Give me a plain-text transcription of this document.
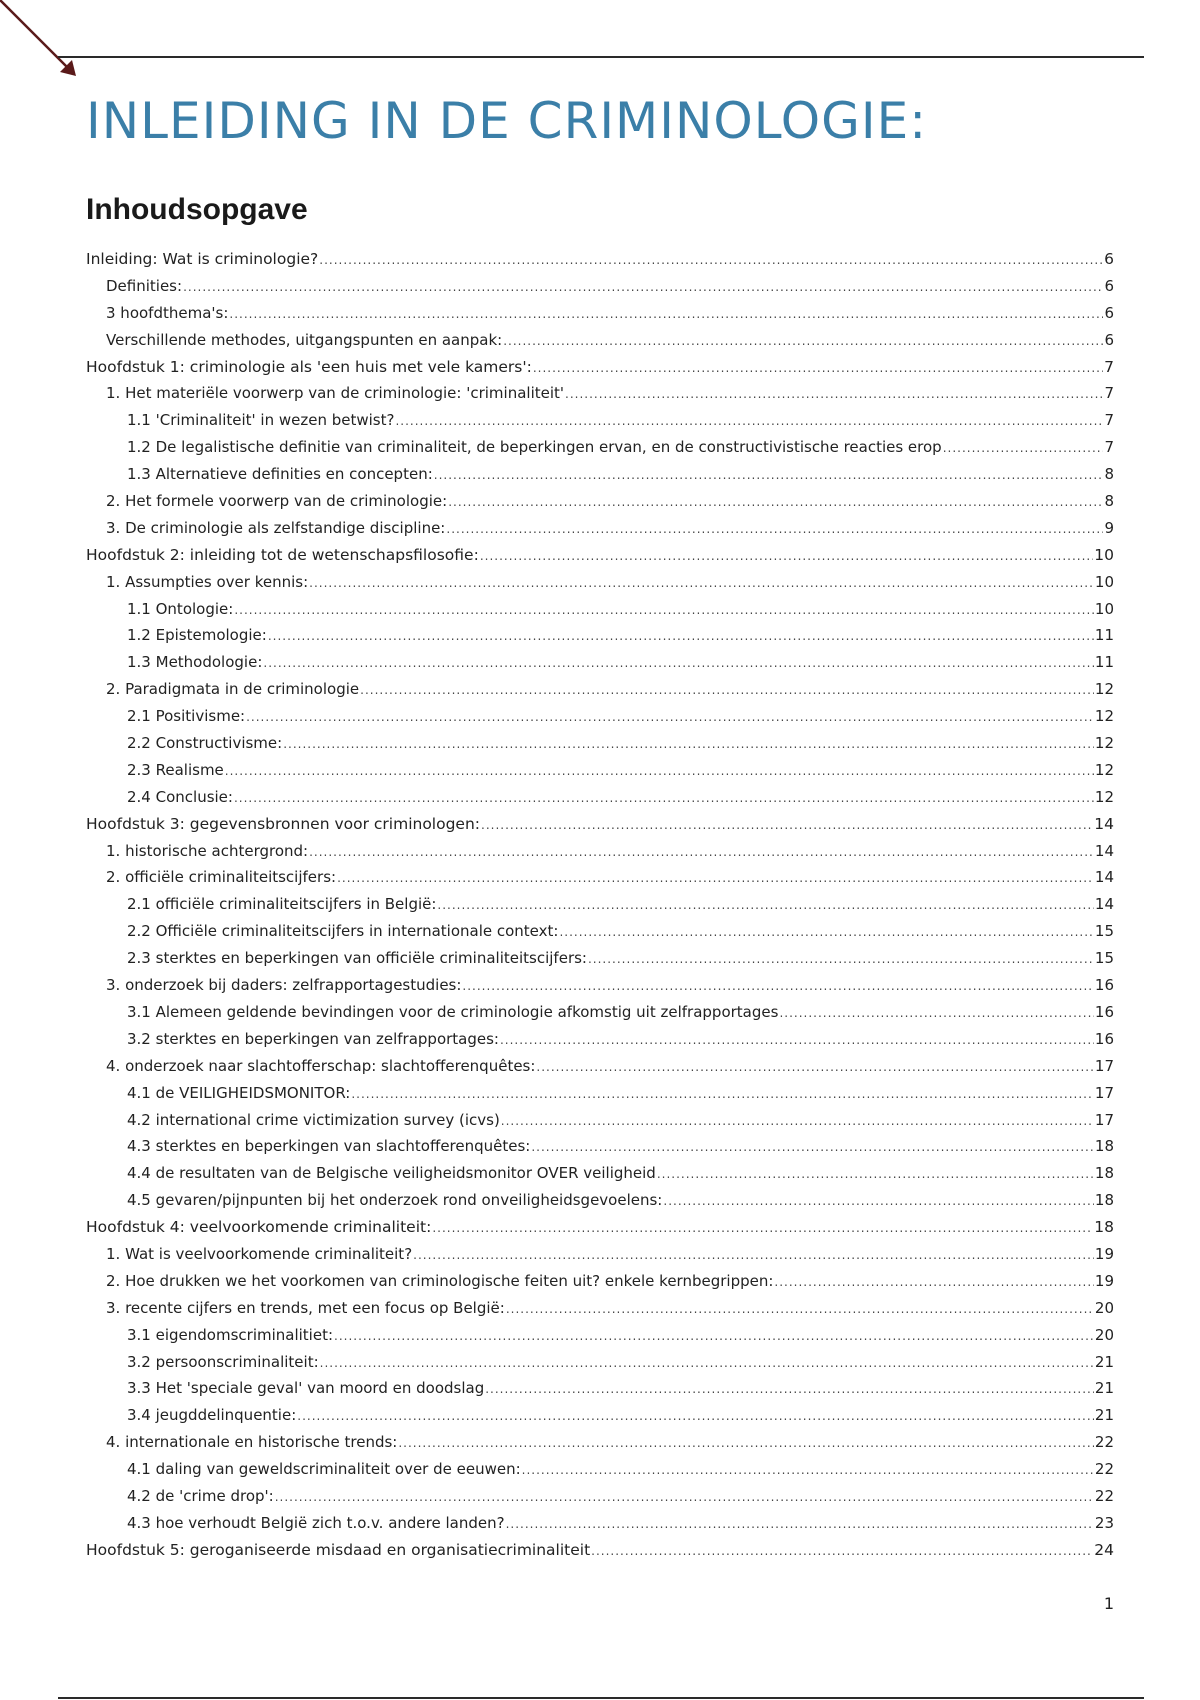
INLEIDING IN DE CRIMINOLOGIE:
Inhoudsopgave
Inleiding: Wat is criminologie? .....	6
Definities: .....	6
3 hoofdthema's: .....	6
Verschillende methodes, uitgangspunten en aanpak: .....	6
Hoofdstuk 1: criminologie als 'een huis met vele kamers': .....	7
1. Het materiële voorwerp van de criminologie: 'criminaliteit' .....	7
1.1 'Criminaliteit' in wezen betwist? .....	7
1.2 De legalistische definitie van criminaliteit, de beperkingen ervan, en de constructivistische reacties erop .....	7
1.3 Alternatieve definities en concepten: .....	8
2. Het formele voorwerp van de criminologie: .....	8
3. De criminologie als zelfstandige discipline: .....	9
Hoofdstuk 2: inleiding tot de wetenschapsfilosofie: .....	10
1. Assumpties over kennis: .....	10
1.1 Ontologie: .....	10
1.2 Epistemologie: .....	11
1.3 Methodologie: .....	11
2. Paradigmata in de criminologie .....	12
2.1 Positivisme: .....	12
2.2 Constructivisme: .....	12
2.3 Realisme .....	12
2.4 Conclusie: .....	12
Hoofdstuk 3: gegevensbronnen voor criminologen: .....	14
1. historische achtergrond: .....	14
2. officiële criminaliteitscijfers: .....	14
2.1 officiële criminaliteitscijfers in België: .....	14
2.2 Officiële criminaliteitscijfers in internationale context: .....	15
2.3 sterktes en beperkingen van officiële criminaliteitscijfers: .....	15
3. onderzoek bij daders: zelfrapportagestudies: .....	16
3.1 Alemeen geldende bevindingen voor de criminologie afkomstig uit zelfrapportages .....	16
3.2 sterktes en beperkingen van zelfrapportages: .....	16
4. onderzoek naar slachtofferschap: slachtofferenquêtes: .....	17
4.1 de VEILIGHEIDSMONITOR: .....	17
4.2 international crime victimization survey (icvs) .....	17
4.3 sterktes en beperkingen van slachtofferenquêtes: .....	18
4.4 de resultaten van de Belgische veiligheidsmonitor OVER veiligheid .....	18
4.5 gevaren/pijnpunten bij het onderzoek rond onveiligheidsgevoelens: .....	18
Hoofdstuk 4: veelvoorkomende criminaliteit: .....	18
1. Wat is veelvoorkomende criminaliteit? .....	19
2. Hoe drukken we het voorkomen van criminologische feiten uit? enkele kernbegrippen: .....	19
3. recente cijfers en trends, met een focus op België: .....	20
3.1 eigendomscriminalitiet: .....	20
3.2 persoonscriminaliteit: .....	21
3.3 Het 'speciale geval' van moord en doodslag .....	21
3.4 jeugddelinquentie: .....	21
4. internationale en historische trends: .....	22
4.1 daling van geweldscriminaliteit over de eeuwen: .....	22
4.2 de 'crime drop': .....	22
4.3 hoe verhoudt België zich t.o.v. andere landen? .....	23
Hoofdstuk 5: geroganiseerde misdaad en organisatiecriminaliteit .....	24
1
